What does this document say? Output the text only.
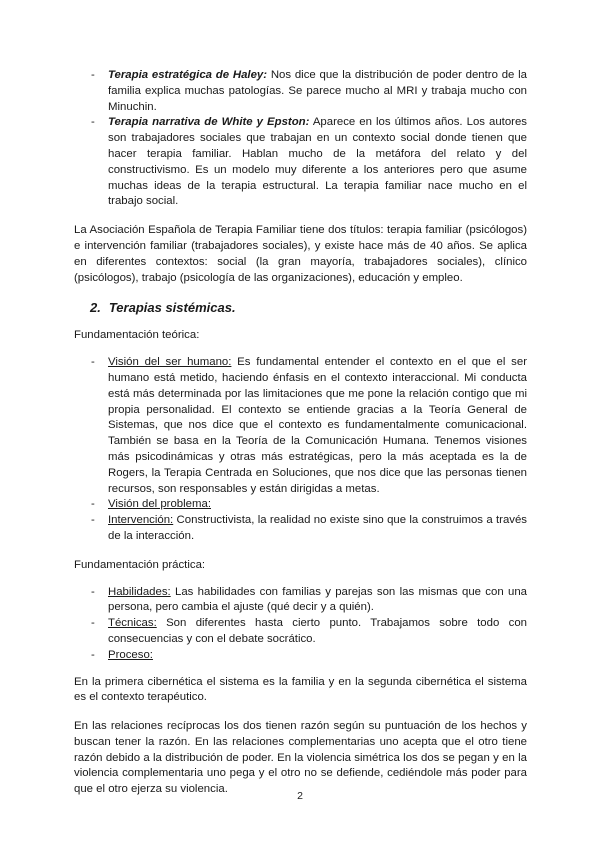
- Terapia estratégica de Haley: Nos dice que la distribución de poder dentro de la familia explica muchas patologías. Se parece mucho al MRI y trabaja mucho con Minuchin.
- Terapia narrativa de White y Epston: Aparece en los últimos años. Los autores son trabajadores sociales que trabajan en un contexto social donde tienen que hacer terapia familiar. Hablan mucho de la metáfora del relato y del constructivismo. Es un modelo muy diferente a los anteriores pero que asume muchas ideas de la terapia estructural. La terapia familiar nace mucho en el trabajo social.

La Asociación Española de Terapia Familiar tiene dos títulos: terapia familiar (psicólogos) e intervención familiar (trabajadores sociales), y existe hace más de 40 años. Se aplica en diferentes contextos: social (la gran mayoría, trabajadores sociales), clínico (psicólogos), trabajo (psicología de las organizaciones), educación y empleo.

2. Terapias sistémicas.

Fundamentación teórica:

- Visión del ser humano: Es fundamental entender el contexto en el que el ser humano está metido, haciendo énfasis en el contexto interaccional. Mi conducta está más determinada por las limitaciones que me pone la relación contigo que mi propia personalidad. El contexto se entiende gracias a la Teoría General de Sistemas, que nos dice que el contexto es fundamentalmente comunicacional. También se basa en la Teoría de la Comunicación Humana. Tenemos visiones más psicodinámicas y otras más estratégicas, pero la más aceptada es la de Rogers, la Terapia Centrada en Soluciones, que nos dice que las personas tienen recursos, son responsables y están dirigidas a metas.
- Visión del problema:
- Intervención: Constructivista, la realidad no existe sino que la construimos a través de la interacción.

Fundamentación práctica:

- Habilidades: Las habilidades con familias y parejas son las mismas que con una persona, pero cambia el ajuste (qué decir y a quién).
- Técnicas: Son diferentes hasta cierto punto. Trabajamos sobre todo con consecuencias y con el debate socrático.
- Proceso:

En la primera cibernética el sistema es la familia y en la segunda cibernética el sistema es el contexto terapéutico.

En las relaciones recíprocas los dos tienen razón según su puntuación de los hechos y buscan tener la razón. En las relaciones complementarias uno acepta que el otro tiene razón debido a la distribución de poder. En la violencia simétrica los dos se pegan y en la violencia complementaria uno pega y el otro no se defiende, cediéndole más poder para que el otro ejerza su violencia.

2
